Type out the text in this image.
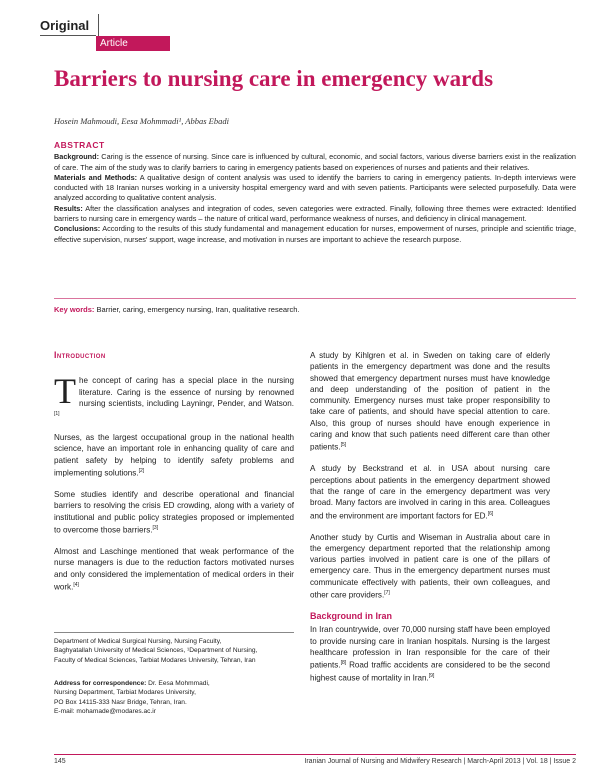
Original
Article
Barriers to nursing care in emergency wards
Hosein Mahmoudi, Eesa Mohmmadi¹, Abbas Ebadi
ABSTRACT

Background: Caring is the essence of nursing. Since care is influenced by cultural, economic, and social factors, various diverse barriers exist in the realization of care. The aim of the study was to clarify barriers to caring in emergency patients based on experiences of nurses and patients and their relatives.

Materials and Methods: A qualitative design of content analysis was used to identify the barriers to caring in emergency patients. In-depth interviews were conducted with 18 Iranian nurses working in a university hospital emergency ward and with seven patients. Participants were selected purposefully. Data were analyzed according to qualitative content analysis.

Results: After the classification analyses and integration of codes, seven categories were extracted. Finally, following three themes were extracted: Identified barriers to nursing care in emergency wards – the nature of critical ward, performance weakness of nurses, and deficiency in clinical management.

Conclusions: According to the results of this study fundamental and management education for nurses, empowerment of nurses, principle and scientific triage, effective supervision, nurses' support, wage increase, and motivation in nurses are important to achieve the research purpose.

Key words: Barrier, caring, emergency nursing, Iran, qualitative research.
Introduction

The concept of caring has a special place in the nursing literature. Caring is the essence of nursing by renowned nursing scientists, including Layningr, Pender, and Watson.[1]

Nurses, as the largest occupational group in the national health science, have an important role in enhancing quality of care and patient safety by helping to identify safety problems and implementing solutions.[2]

Some studies identify and describe operational and financial barriers to resolving the crisis ED crowding, along with a variety of institutional and public policy strategies proposed or implemented to overcome those barriers.[3]

Almost and Laschinge mentioned that weak performance of the nurse managers is due to the reduction factors motivated nurses and only considered the implementation of medical orders in their work.[4]

A study by Kihlgren et al. in Sweden on taking care of elderly patients in the emergency department was done and the results showed that emergency department nurses must have knowledge and deep understanding of the position of patient in the community. Emergency nurses must take proper responsibility to take care of patients, and should have special attention to care. Also, this group of nurses should have enough experience in caring and know that such patients need different care than other patients.[5]

A study by Beckstrand et al. in USA about nursing care perceptions about patients in the emergency department showed that the range of care in the emergency department was very broad. Many factors are involved in caring in this area. Colleagues and the environment are important factors for ED.[6]

Another study by Curtis and Wiseman in Australia about care in the emergency department reported that the relationship among various parties involved in patient care is one of the pillars of emergency care. Thus in the emergency department nurses must communicate effectively with patients, their own colleagues, and other care providers.[7]

Background in Iran

In Iran countrywide, over 70,000 nursing staff have been employed to provide nursing care in Iranian hospitals. Nursing is the largest healthcare profession in Iran responsible for the care of their patients.[8] Road traffic accidents are considered to be the second highest cause of mortality in Iran.[9]

Department of Medical Surgical Nursing, Nursing Faculty,
Baghyatallah University of Medical Sciences, ¹Department of Nursing,
Faculty of Medical Sciences, Tarbiat Modares University, Tehran, Iran
Address for correspondence: Dr. Eesa Mohmmadi,
Nursing Department, Tarbiat Modares University,
PO Box 14115-333 Nasr Bridge, Tehran, Iran.
E-mail: mohamade@modares.ac.ir
145	Iranian Journal of Nursing and Midwifery Research | March-April 2013 | Vol. 18 | Issue 2
